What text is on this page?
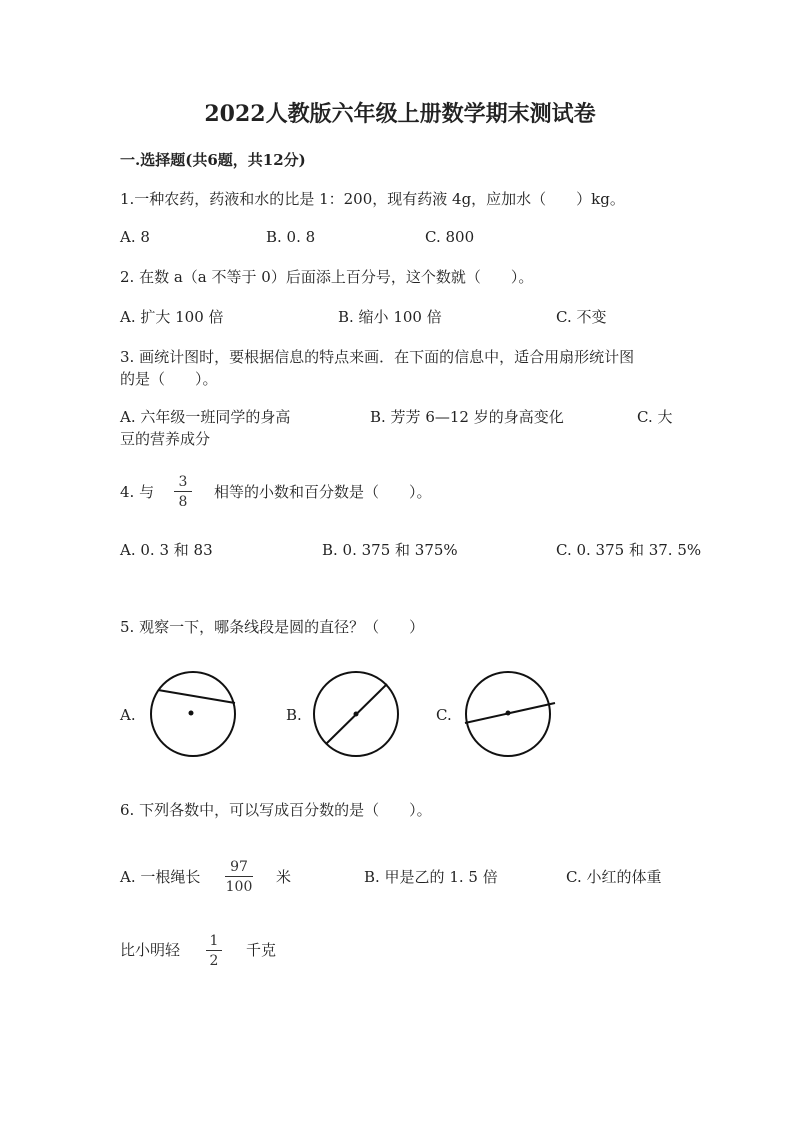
2022人教版六年级上册数学期末测试卷
一.选择题(共6题，共12分)
1.一种农药，药液和水的比是 1：200，现有药液 4g，应加水（　　）kg。
A. 8	B. 0. 8	C. 800
2. 在数 a（a 不等于 0）后面添上百分号，这个数就（　　）。
A. 扩大 100 倍	B. 缩小 100 倍	C. 不变
3. 画统计图时，要根据信息的特点来画．在下面的信息中，适合用扇形统计图
的是（　　）。
A. 六年级一班同学的身高	B. 芳芳 6—12 岁的身高变化	C. 大
豆的营养成分
4. 与
3
8
相等的小数和百分数是（　　）。
A. 0. 3 和 83	B. 0. 375 和 375%	C. 0. 375 和 37. 5%
5. 观察一下，哪条线段是圆的直径？（　　）
A.	B.	C.
6. 下列各数中，可以写成百分数的是（　　）。
A. 一根绳长
97
100
米	B. 甲是乙的 1. 5 倍	C. 小红的体重
比小明轻 1
2
千克
